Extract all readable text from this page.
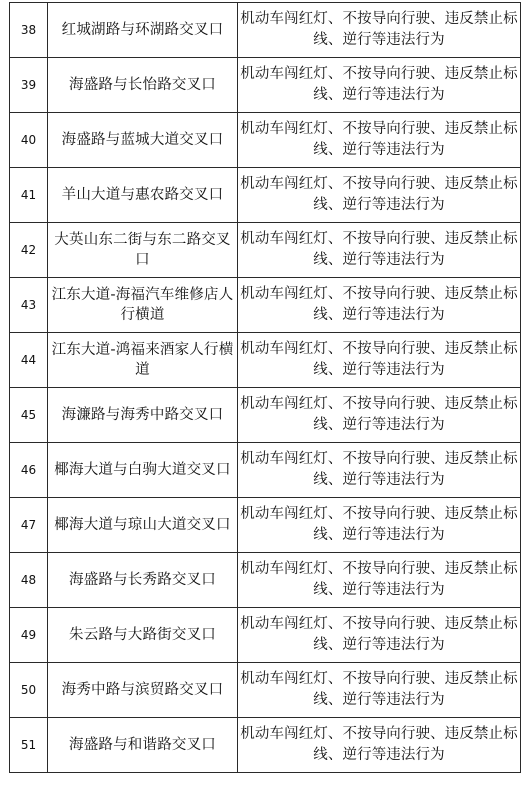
38	红城湖路与环湖路交叉口	机动车闯红灯、不按导向行驶、违反禁止标线、逆行等违法行为
39	海盛路与长怡路交叉口	机动车闯红灯、不按导向行驶、违反禁止标线、逆行等违法行为
40	海盛路与蓝城大道交叉口	机动车闯红灯、不按导向行驶、违反禁止标线、逆行等违法行为
41	羊山大道与惠农路交叉口	机动车闯红灯、不按导向行驶、违反禁止标线、逆行等违法行为
42	大英山东二街与东二路交叉口	机动车闯红灯、不按导向行驶、违反禁止标线、逆行等违法行为
43	江东大道-海福汽车维修店人行横道	机动车闯红灯、不按导向行驶、违反禁止标线、逆行等违法行为
44	江东大道-鸿福来酒家人行横道	机动车闯红灯、不按导向行驶、违反禁止标线、逆行等违法行为
45	海濂路与海秀中路交叉口	机动车闯红灯、不按导向行驶、违反禁止标线、逆行等违法行为
46	椰海大道与白驹大道交叉口	机动车闯红灯、不按导向行驶、违反禁止标线、逆行等违法行为
47	椰海大道与琼山大道交叉口	机动车闯红灯、不按导向行驶、违反禁止标线、逆行等违法行为
48	海盛路与长秀路交叉口	机动车闯红灯、不按导向行驶、违反禁止标线、逆行等违法行为
49	朱云路与大路街交叉口	机动车闯红灯、不按导向行驶、违反禁止标线、逆行等违法行为
50	海秀中路与滨贸路交叉口	机动车闯红灯、不按导向行驶、违反禁止标线、逆行等违法行为
51	海盛路与和谐路交叉口	机动车闯红灯、不按导向行驶、违反禁止标线、逆行等违法行为
